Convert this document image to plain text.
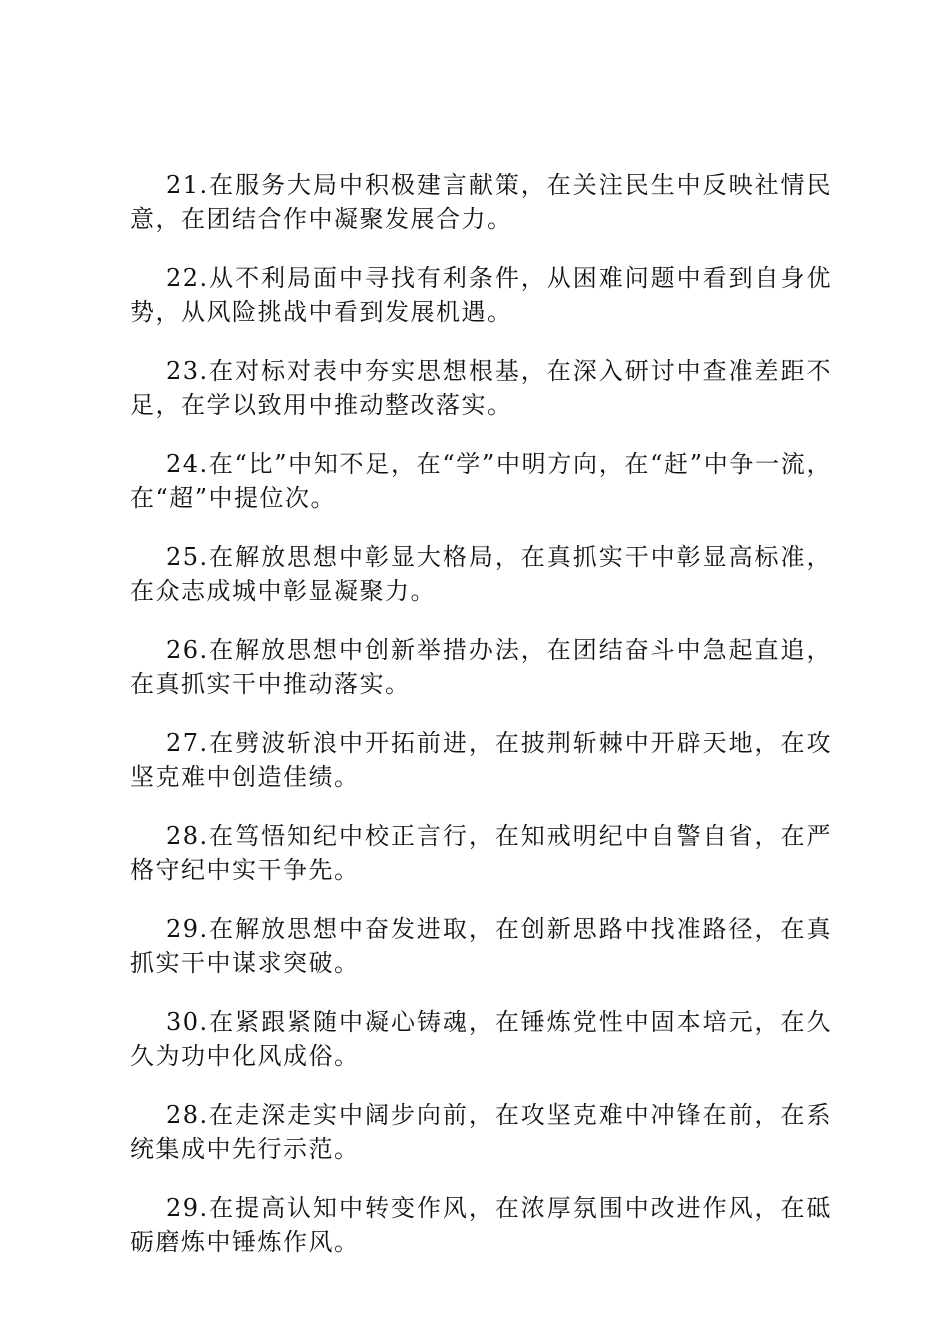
21.在服务大局中积极建言献策，在关注民生中反映社情民意，在团结合作中凝聚发展合力。

22.从不利局面中寻找有利条件，从困难问题中看到自身优势，从风险挑战中看到发展机遇。

23.在对标对表中夯实思想根基，在深入研讨中查准差距不足，在学以致用中推动整改落实。

24.在“比”中知不足，在“学”中明方向，在“赶”中争一流，在“超”中提位次。

25.在解放思想中彰显大格局，在真抓实干中彰显高标准，在众志成城中彰显凝聚力。

26.在解放思想中创新举措办法，在团结奋斗中急起直追，在真抓实干中推动落实。

27.在劈波斩浪中开拓前进，在披荆斩棘中开辟天地，在攻坚克难中创造佳绩。

28.在笃悟知纪中校正言行，在知戒明纪中自警自省，在严格守纪中实干争先。

29.在解放思想中奋发进取，在创新思路中找准路径，在真抓实干中谋求突破。

30.在紧跟紧随中凝心铸魂，在锤炼党性中固本培元，在久久为功中化风成俗。

28.在走深走实中阔步向前，在攻坚克难中冲锋在前，在系统集成中先行示范。

29.在提高认知中转变作风，在浓厚氛围中改进作风，在砥砺磨炼中锤炼作风。
